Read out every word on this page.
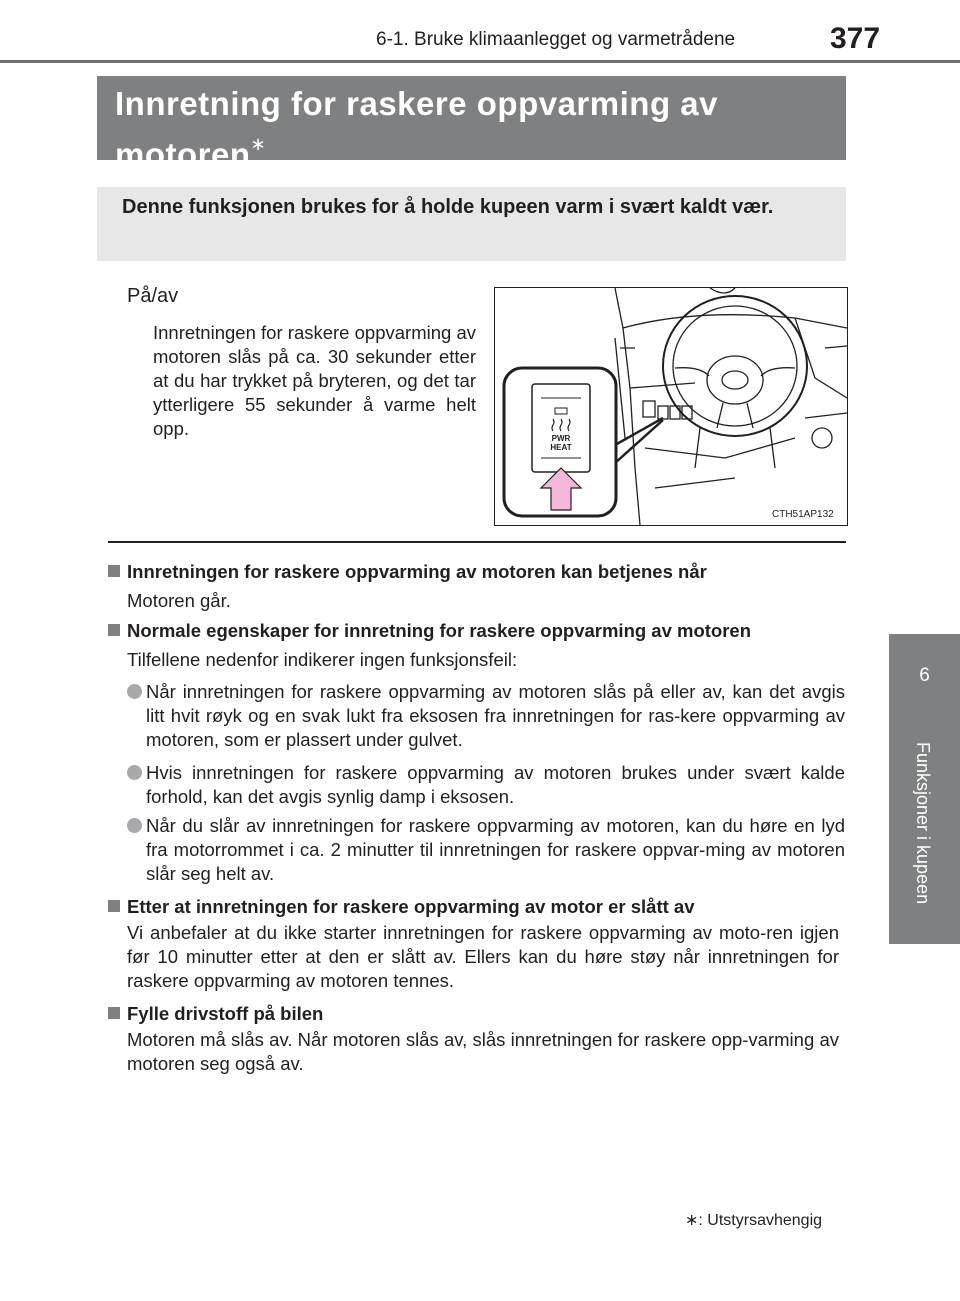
6-1. Bruke klimaanlegget og varmetrådene	377
6
Funksjoner i kupeen
Innretning for raskere oppvarming av motoren∗
Denne funksjonen brukes for å holde kupeen varm i svært kaldt vær.
På/av
Innretningen for raskere oppvarming av motoren slås på ca. 30 sekunder etter at du har trykket på bryteren, og det tar ytterligere 55 sekunder å varme helt opp.	PWR
HEAT
CTH51AP132
Innretningen for raskere oppvarming av motoren kan betjenes når
Motoren går.
Normale egenskaper for innretning for raskere oppvarming av motoren
Tilfellene nedenfor indikerer ingen funksjonsfeil:
Når innretningen for raskere oppvarming av motoren slås på eller av, kan det avgis litt hvit røyk og en svak lukt fra eksosen fra innretningen for ras-kere oppvarming av motoren, som er plassert under gulvet.
Hvis innretningen for raskere oppvarming av motoren brukes under svært kalde forhold, kan det avgis synlig damp i eksosen.
Når du slår av innretningen for raskere oppvarming av motoren, kan du høre en lyd fra motorrommet i ca. 2 minutter til innretningen for raskere oppvar-ming av motoren slår seg helt av.
Etter at innretningen for raskere oppvarming av motor er slått av
Vi anbefaler at du ikke starter innretningen for raskere oppvarming av moto-ren igjen før 10 minutter etter at den er slått av. Ellers kan du høre støy når innretningen for raskere oppvarming av motoren tennes.
Fylle drivstoff på bilen
Motoren må slås av. Når motoren slås av, slås innretningen for raskere opp-varming av motoren seg også av.
∗: Utstyrsavhengig
